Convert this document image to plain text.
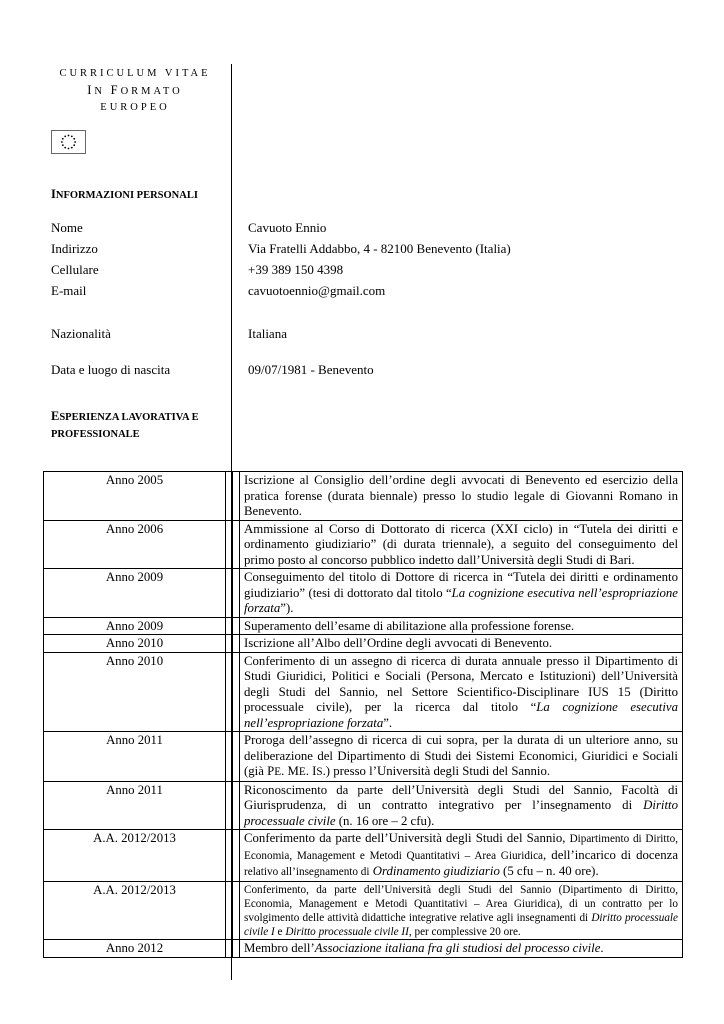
CURRICULUM VITAE
IN FORMATO
EUROPEO
INFORMAZIONI PERSONALI
Nome	Cavuoto Ennio
Indirizzo	Via Fratelli Addabbo, 4 - 82100 Benevento (Italia)
Cellulare	+39 389 150 4398
E-mail	cavuotoennio@gmail.com
Nazionalità	Italiana
Data e luogo di nascita	09/07/1981 - Benevento
ESPERIENZA LAVORATIVA E
PROFESSIONALE
Anno 2005			Iscrizione al Consiglio dell’ordine degli avvocati di Benevento ed esercizio della pratica forense (durata biennale) presso lo studio legale di Giovanni Romano in Benevento.
Anno 2006			Ammissione al Corso di Dottorato di ricerca (XXI ciclo) in “Tutela dei diritti e ordinamento giudiziario” (di durata triennale), a seguito del conseguimento del primo posto al concorso pubblico indetto dall’Università degli Studi di Bari.
Anno 2009			Conseguimento del titolo di Dottore di ricerca in “Tutela dei diritti e ordinamento giudiziario” (tesi di dottorato dal titolo “La cognizione esecutiva nell’espropriazione forzata”).
Anno 2009			Superamento dell’esame di abilitazione alla professione forense.
Anno 2010			Iscrizione all’Albo dell’Ordine degli avvocati di Benevento.
Anno 2010			Conferimento di un assegno di ricerca di durata annuale presso il Dipartimento di Studi Giuridici, Politici e Sociali (Persona, Mercato e Istituzioni) dell’Università degli Studi del Sannio, nel Settore Scientifico-Disciplinare IUS 15 (Diritto processuale civile), per la ricerca dal titolo “La cognizione esecutiva nell’espropriazione forzata”.
Anno 2011			Proroga dell’assegno di ricerca di cui sopra, per la durata di un ulteriore anno, su deliberazione del Dipartimento di Studi dei Sistemi Economici, Giuridici e Sociali (già PE. ME. IS.) presso l’Università degli Studi del Sannio.
Anno 2011			Riconoscimento da parte dell’Università degli Studi del Sannio, Facoltà di Giurisprudenza, di un contratto integrativo per l’insegnamento di Diritto processuale civile (n. 16 ore – 2 cfu).
A.A. 2012/2013			Conferimento da parte dell’Università degli Studi del Sannio, Dipartimento di Diritto, Economia, Management e Metodi Quantitativi – Area Giuridica, dell’incarico di docenza relativo all’insegnamento di Ordinamento giudiziario (5 cfu – n. 40 ore).
A.A. 2012/2013			Conferimento, da parte dell’Università degli Studi del Sannio (Dipartimento di Diritto, Economia, Management e Metodi Quantitativi – Area Giuridica), di un contratto per lo svolgimento delle attività didattiche integrative relative agli insegnamenti di Diritto processuale civile I e Diritto processuale civile II, per complessive 20 ore.
Anno 2012			Membro dell’Associazione italiana fra gli studiosi del processo civile.
